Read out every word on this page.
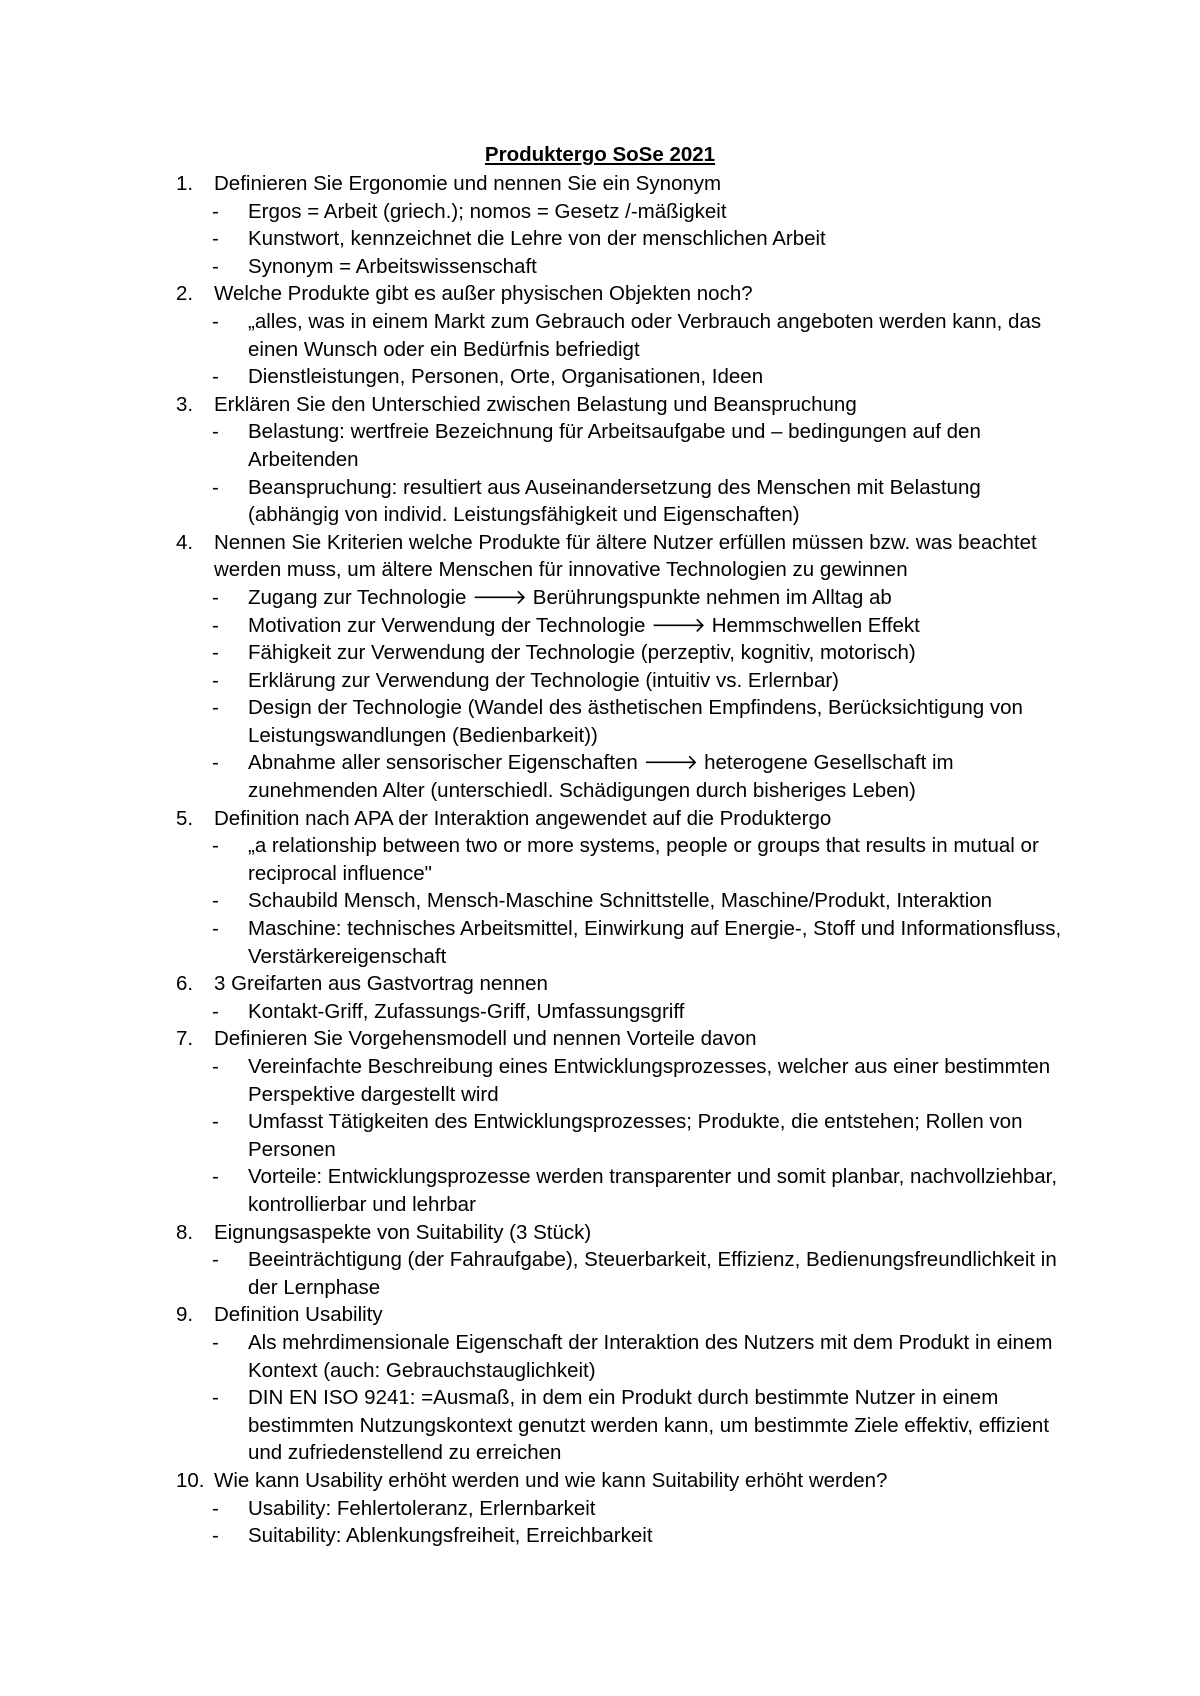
Produktergo SoSe 2021
1.	Definieren Sie Ergonomie und nennen Sie ein Synonym
-	Ergos = Arbeit (griech.); nomos = Gesetz /-mäßigkeit
-	Kunstwort, kennzeichnet die Lehre von der menschlichen Arbeit
-	Synonym = Arbeitswissenschaft
2.	Welche Produkte gibt es außer physischen Objekten noch?
-	„alles, was in einem Markt zum Gebrauch oder Verbrauch angeboten werden kann, das einen Wunsch oder ein Bedürfnis befriedigt
-	Dienstleistungen, Personen, Orte, Organisationen, Ideen
3.	Erklären Sie den Unterschied zwischen Belastung und Beanspruchung
-	Belastung: wertfreie Bezeichnung für Arbeitsaufgabe und – bedingungen auf den Arbeitenden
-	Beanspruchung: resultiert aus Auseinandersetzung des Menschen mit Belastung (abhängig von individ. Leistungsfähigkeit und Eigenschaften)
4.	Nennen Sie Kriterien welche Produkte für ältere Nutzer erfüllen müssen bzw. was beachtet werden muss, um ältere Menschen für innovative Technologien zu gewinnen
-	Zugang zur Technologie 🡒 Berührungspunkte nehmen im Alltag ab
-	Motivation zur Verwendung der Technologie 🡒 Hemmschwellen Effekt
-	Fähigkeit zur Verwendung der Technologie (perzeptiv, kognitiv, motorisch)
-	Erklärung zur Verwendung der Technologie (intuitiv vs. Erlernbar)
-	Design der Technologie (Wandel des ästhetischen Empfindens, Berücksichtigung von Leistungswandlungen (Bedienbarkeit))
-	Abnahme aller sensorischer Eigenschaften 🡒 heterogene Gesellschaft im zunehmenden Alter (unterschiedl. Schädigungen durch bisheriges Leben)
5.	Definition nach APA der Interaktion angewendet auf die Produktergo
-	„a relationship between two or more systems, people or groups that results in mutual or reciprocal influence"
-	Schaubild Mensch, Mensch-Maschine Schnittstelle, Maschine/Produkt, Interaktion
-	Maschine: technisches Arbeitsmittel, Einwirkung auf Energie-, Stoff und Informationsfluss, Verstärkereigenschaft
6.	3 Greifarten aus Gastvortrag nennen
-	Kontakt-Griff, Zufassungs-Griff, Umfassungsgriff
7.	Definieren Sie Vorgehensmodell und nennen Vorteile davon
-	Vereinfachte Beschreibung eines Entwicklungsprozesses, welcher aus einer bestimmten Perspektive dargestellt wird
-	Umfasst Tätigkeiten des Entwicklungsprozesses; Produkte, die entstehen; Rollen von Personen
-	Vorteile: Entwicklungsprozesse werden transparenter und somit planbar, nachvollziehbar, kontrollierbar und lehrbar
8.	Eignungsaspekte von Suitability (3 Stück)
-	Beeinträchtigung (der Fahraufgabe), Steuerbarkeit, Effizienz, Bedienungsfreundlichkeit in der Lernphase
9.	Definition Usability
-	Als mehrdimensionale Eigenschaft der Interaktion des Nutzers mit dem Produkt in einem Kontext (auch: Gebrauchstauglichkeit)
-	DIN EN ISO 9241: =Ausmaß, in dem ein Produkt durch bestimmte Nutzer in einem bestimmten Nutzungskontext genutzt werden kann, um bestimmte Ziele effektiv, effizient und zufriedenstellend zu erreichen
10. Wie kann Usability erhöht werden und wie kann Suitability erhöht werden?
-	Usability: Fehlertoleranz, Erlernbarkeit
-	Suitability: Ablenkungsfreiheit, Erreichbarkeit
